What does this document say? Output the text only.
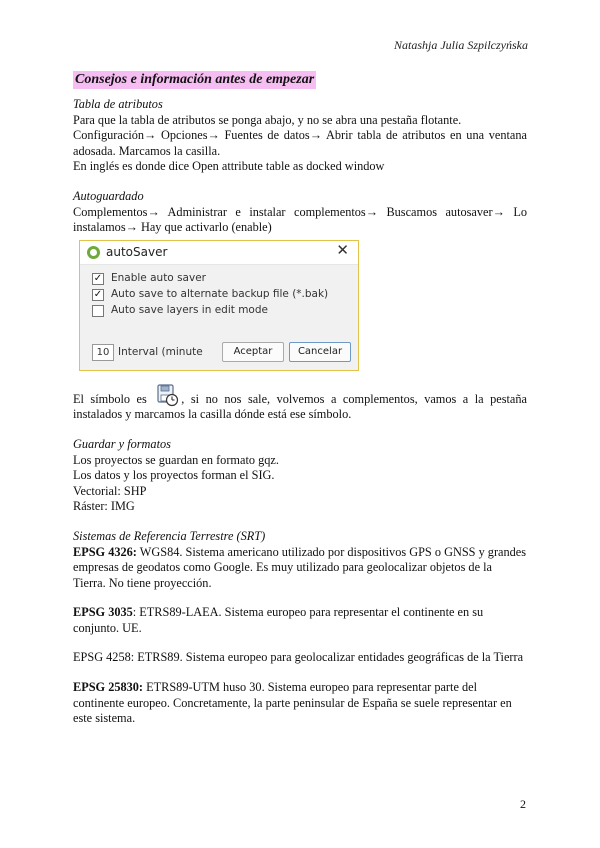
Natashja Julia Szpilczyńska
Consejos e información antes de empezar

Tabla de atributos

Para que la tabla de atributos se ponga abajo, y no se abra una pestaña flotante.

Configuración→ Opciones→ Fuentes de datos→ Abrir tabla de atributos en una ventana adosada. Marcamos la casilla.

En inglés es donde dice Open attribute table as docked window

Autoguardado

Complementos→ Administrar e instalar complementos→ Buscamos autosaver→ Lo instalamos→ Hay que activarlo (enable)

autoSaver	✕
✓ Enable auto saver
✓ Auto save to alternate backup file (*.bak)
Auto save layers in edit mode
10 Interval (minute	Aceptar	Cancelar

El símbolo es	, si no nos sale, volvemos a complementos, vamos a la pestaña instalados y marcamos la casilla dónde está ese símbolo.

Guardar y formatos

Los proyectos se guardan en formato gqz.

Los datos y los proyectos forman el SIG.

Vectorial: SHP

Ráster: IMG

Sistemas de Referencia Terrestre (SRT)

EPSG 4326: WGS84. Sistema americano utilizado por dispositivos GPS o GNSS y grandes empresas de geodatos como Google. Es muy utilizado para geolocalizar objetos de la Tierra. No tiene proyección.

EPSG 3035: ETRS89-LAEA. Sistema europeo para representar el continente en su conjunto. UE.

EPSG 4258: ETRS89. Sistema europeo para geolocalizar entidades geográficas de la Tierra

EPSG 25830: ETRS89-UTM huso 30. Sistema europeo para representar parte del continente europeo. Concretamente, la parte peninsular de España se suele representar en este sistema.

2
